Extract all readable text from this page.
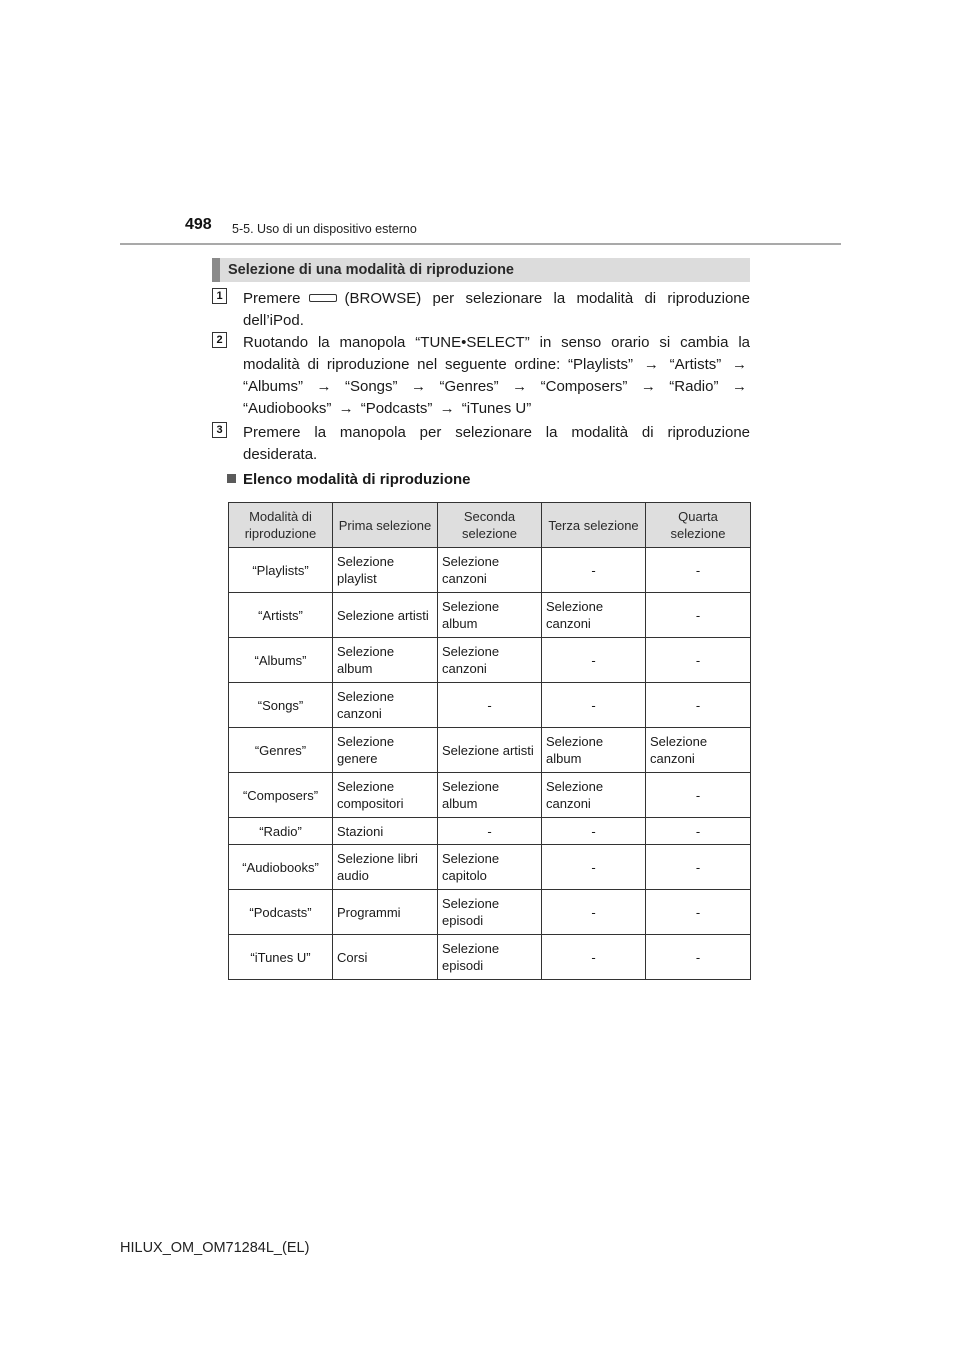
498 5-5. Uso di un dispositivo esterno
Selezione di una modalità di riproduzione
1 Premere	(BROWSE) per selezionare la modalità di riproduzione dell’iPod.
2 Ruotando la manopola “TUNE•SELECT” in senso orario si cambia la modalità di riproduzione nel seguente ordine: “Playlists” → “Artists” → “Albums” → “Songs” → “Genres” → “Composers” → “Radio” → “Audiobooks” → “Podcasts” → “iTunes U”
3 Premere la manopola per selezionare la modalità di riproduzione desiderata.
Elenco modalità di riproduzione
Modalità di riproduzione	Prima selezione	Seconda selezione	Terza selezione	Quarta selezione
“Playlists”	Selezione playlist	Selezione canzoni	-	-
“Artists”	Selezione artisti	Selezione album	Selezione canzoni	-
“Albums”	Selezione album	Selezione canzoni	-	-
“Songs”	Selezione canzoni	-	-	-
“Genres”	Selezione genere	Selezione artisti	Selezione album	Selezione canzoni
“Composers”	Selezione compositori	Selezione album	Selezione canzoni	-
“Radio”	Stazioni	-	-	-
“Audiobooks”	Selezione libri audio	Selezione capitolo	-	-
“Podcasts”	Programmi	Selezione episodi	-	-
“iTunes U”	Corsi	Selezione episodi	-	-
HILUX_OM_OM71284L_(EL)
